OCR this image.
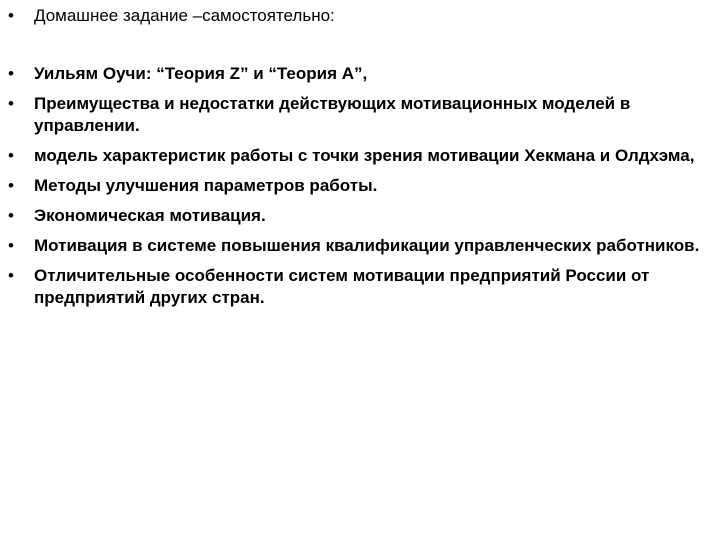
• Домашнее задание –самостоятельно:
• Уильям Оучи: “Теория Z” и “Теория А”,
• Преимущества и недостатки действующих мотивационных моделей в управлении.
• модель характеристик работы с точки зрения мотивации Хекмана и Олдхэма,
• Методы улучшения параметров работы.
• Экономическая мотивация.
• Мотивация в системе повышения квалификации управленческих работников.
• Отличительные особенности систем мотивации предприятий России от предприятий других стран.
